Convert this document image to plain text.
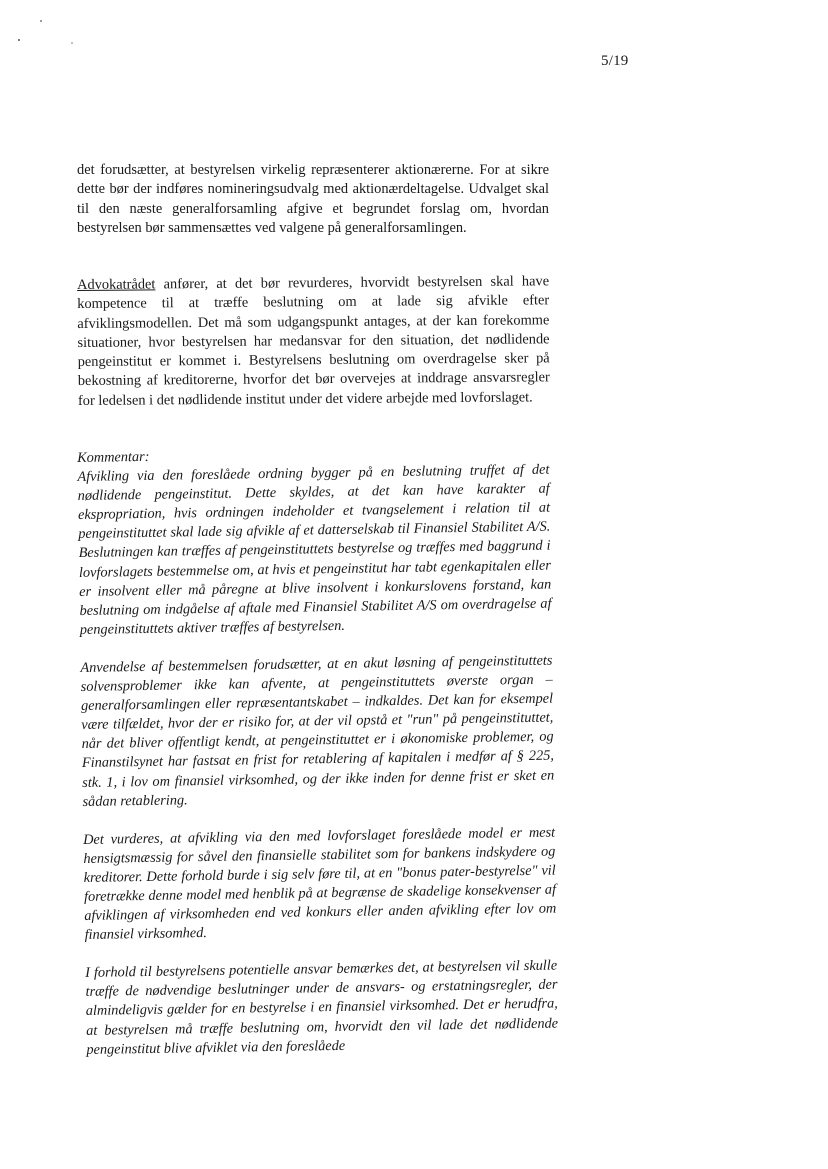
5/19

det forudsætter, at bestyrelsen virkelig repræsenterer aktionærerne. For at sikre dette bør der indføres nomineringsudvalg med aktionærdeltagelse. Udvalget skal til den næste generalforsamling afgive et begrundet forslag om, hvordan bestyrelsen bør sammensættes ved valgene på generalforsamlingen.

Advokatrådet anfører, at det bør revurderes, hvorvidt bestyrelsen skal have kompetence til at træffe beslutning om at lade sig afvikle efter afviklingsmodellen. Det må som udgangspunkt antages, at der kan forekomme situationer, hvor bestyrelsen har medansvar for den situation, det nødlidende pengeinstitut er kommet i. Bestyrelsens beslutning om overdragelse sker på bekostning af kreditorerne, hvorfor det bør overvejes at inddrage ansvarsregler for ledelsen i det nødlidende institut under det videre arbejde med lovforslaget.

Kommentar:

Afvikling via den foreslåede ordning bygger på en beslutning truffet af det nødlidende pengeinstitut. Dette skyldes, at det kan have karakter af ekspropriation, hvis ordningen indeholder et tvangselement i relation til at pengeinstituttet skal lade sig afvikle af et datterselskab til Finansiel Stabilitet A/S. Beslutningen kan træffes af pengeinstituttets bestyrelse og træffes med baggrund i lovforslagets bestemmelse om, at hvis et pengeinstitut har tabt egenkapitalen eller er insolvent eller må påregne at blive insolvent i konkurslovens forstand, kan beslutning om indgåelse af aftale med Finansiel Stabilitet A/S om overdragelse af pengeinstituttets aktiver træffes af bestyrelsen.

Anvendelse af bestemmelsen forudsætter, at en akut løsning af pengeinstituttets solvensproblemer ikke kan afvente, at pengeinstituttets øverste organ – generalforsamlingen eller repræsentantskabet – indkaldes. Det kan for eksempel være tilfældet, hvor der er risiko for, at der vil opstå et "run" på pengeinstituttet, når det bliver offentligt kendt, at pengeinstituttet er i økonomiske problemer, og Finanstilsynet har fastsat en frist for retablering af kapitalen i medfør af § 225, stk. 1, i lov om finansiel virksomhed, og der ikke inden for denne frist er sket en sådan retablering.

Det vurderes, at afvikling via den med lovforslaget foreslåede model er mest hensigtsmæssig for såvel den finansielle stabilitet som for bankens indskydere og kreditorer. Dette forhold burde i sig selv føre til, at en "bonus pater-bestyrelse" vil foretrække denne model med henblik på at begrænse de skadelige konsekvenser af afviklingen af virksomheden end ved konkurs eller anden afvikling efter lov om finansiel virksomhed.

I forhold til bestyrelsens potentielle ansvar bemærkes det, at bestyrelsen vil skulle træffe de nødvendige beslutninger under de ansvars- og erstatningsregler, der almindeligvis gælder for en bestyrelse i en finansiel virksomhed. Det er herudfra, at bestyrelsen må træffe beslutning om, hvorvidt den vil lade det nødlidende pengeinstitut blive afviklet via den foreslåede
